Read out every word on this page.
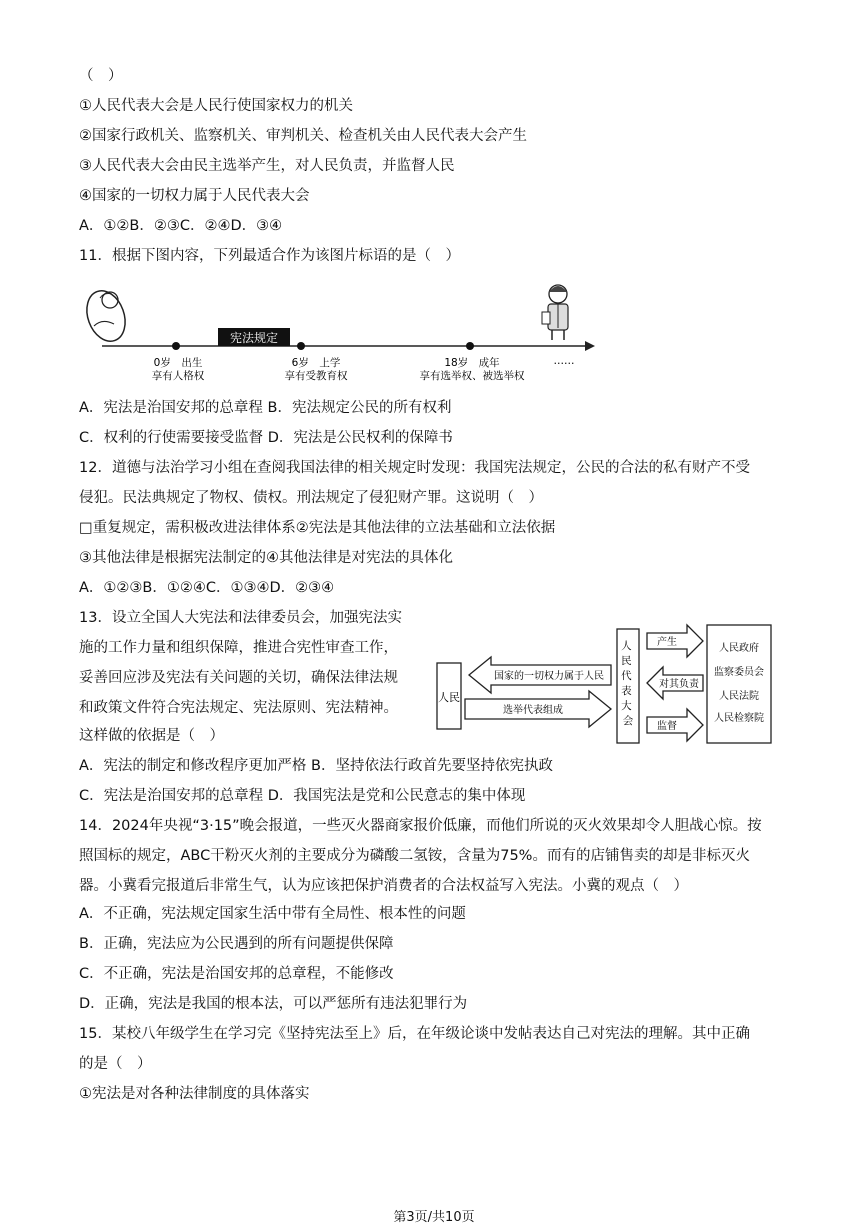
（　）
①人民代表大会是人民行使国家权力的机关
②国家行政机关、监察机关、审判机关、检查机关由人民代表大会产生
③人民代表大会由民主选举产生，对人民负责，并监督人民
④国家的一切权力属于人民代表大会
A．①②B．②③C．②④D．③④
11．根据下图内容，下列最适合作为该图片标语的是（　）
宪法规定
0岁　出生
享有人格权
6岁　上学
享有受教育权
18岁　成年
享有选举权、被选举权
……
A．宪法是治国安邦的总章程 B．宪法规定公民的所有权利
C．权利的行使需要接受监督 D．宪法是公民权利的保障书
12．道德与法治学习小组在查阅我国法律的相关规定时发现：我国宪法规定，公民的合法的私有财产不受
侵犯。民法典规定了物权、债权。刑法规定了侵犯财产罪。这说明（　）
□重复规定，需积极改进法律体系②宪法是其他法律的立法基础和立法依据
③其他法律是根据宪法制定的④其他法律是对宪法的具体化
A．①②③B．①②④C．①③④D．②③④
13．设立全国人大宪法和法律委员会，加强宪法实
施的工作力量和组织保障，推进合宪性审查工作，
妥善回应涉及宪法有关问题的关切，确保法律法规
和政策文件符合宪法规定、宪法原则、宪法精神。
这样做的依据是（　）
人民
国家的一切权力属于人民
选举代表组成
人 民 代 表 大 会
产生
对其负责
监督
人民政府
监察委员会
人民法院
人民检察院
A．宪法的制定和修改程序更加严格 B．坚持依法行政首先要坚持依宪执政
C．宪法是治国安邦的总章程 D．我国宪法是党和公民意志的集中体现
14．2024年央视“3·15”晚会报道，一些灭火器商家报价低廉，而他们所说的灭火效果却令人胆战心惊。按
照国标的规定，ABC干粉灭火剂的主要成分为磷酸二氢铵，含量为75%。而有的店铺售卖的却是非标灭火
器。小冀看完报道后非常生气，认为应该把保护消费者的合法权益写入宪法。小冀的观点（　）
A．不正确，宪法规定国家生活中带有全局性、根本性的问题
B．正确，宪法应为公民遇到的所有问题提供保障
C．不正确，宪法是治国安邦的总章程，不能修改
D．正确，宪法是我国的根本法，可以严惩所有违法犯罪行为
15．某校八年级学生在学习完《坚持宪法至上》后，在年级论谈中发帖表达自己对宪法的理解。其中正确
的是（　）
①宪法是对各种法律制度的具体落实
第3页/共10页
